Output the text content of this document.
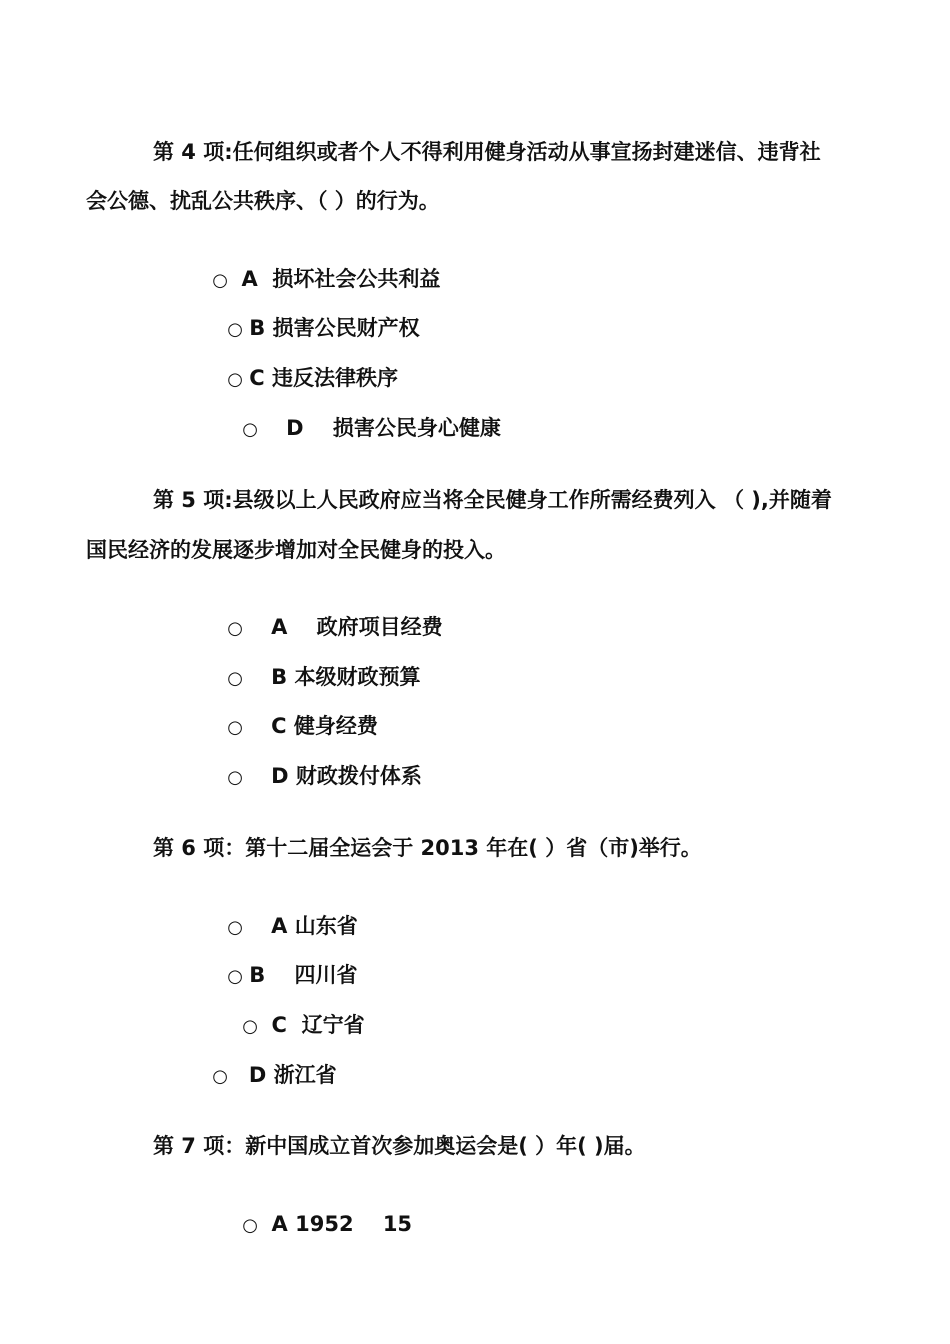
第 4 项:任何组织或者个人不得利用健身活动从事宣扬封建迷信、违背社
会公德、扰乱公共秩序、（ ）的行为。

○ A  损坏社会公共利益

○ B 损害公民财产权

○ C 违反法律秩序

○   D    损害公民身心健康

第 5 项:县级以上人民政府应当将全民健身工作所需经费列入 （ ),并随着
国民经济的发展逐步增加对全民健身的投入。

○   A    政府项目经费

○   B 本级财政预算

○   C 健身经费

○   D 财政拨付体系

第 6 项：第十二届全运会于 2013 年在( ）省（市)举行。

○   A 山东省

○ B    四川省

○ C  辽宁省

○  D 浙江省

第 7 项：新中国成立首次参加奥运会是( ）年( )届。

○ A 1952    15
